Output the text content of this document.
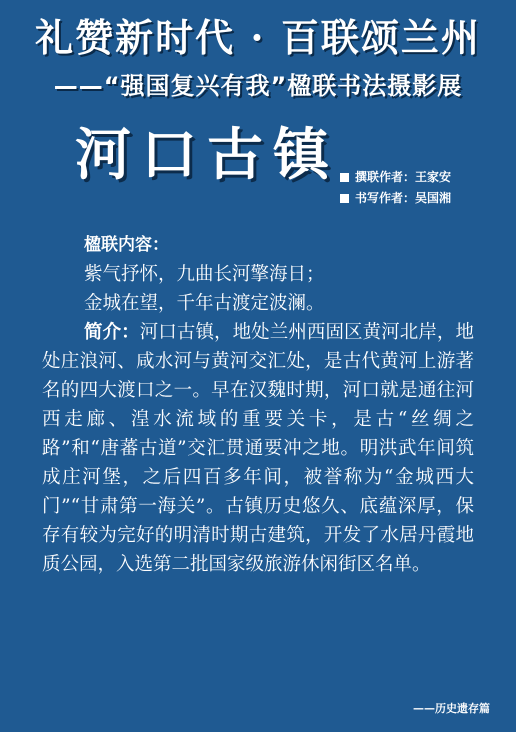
礼赞新时代 · 百联颂兰州
——“强国复兴有我”楹联书法摄影展
河口古镇 撰联作者：王家安
书写作者：吴国湘
楹联内容：
紫气抒怀，九曲长河擎海日；
金城在望，千年古渡定波澜。

简介：河口古镇，地处兰州西固区黄河北岸，地处庄浪河、咸水河与黄河交汇处，是古代黄河上游著名的四大渡口之一。早在汉魏时期，河口就是通往河西走廊、湟水流域的重要关卡，是古“丝绸之路”和“唐蕃古道”交汇贯通要冲之地。明洪武年间筑成庄河堡，之后四百多年间，被誉称为“金城西大门”“甘肃第一海关”。古镇历史悠久、底蕴深厚，保存有较为完好的明清时期古建筑，开发了水居丹霞地质公园，入选第二批国家级旅游休闲街区名单。

——历史遗存篇
